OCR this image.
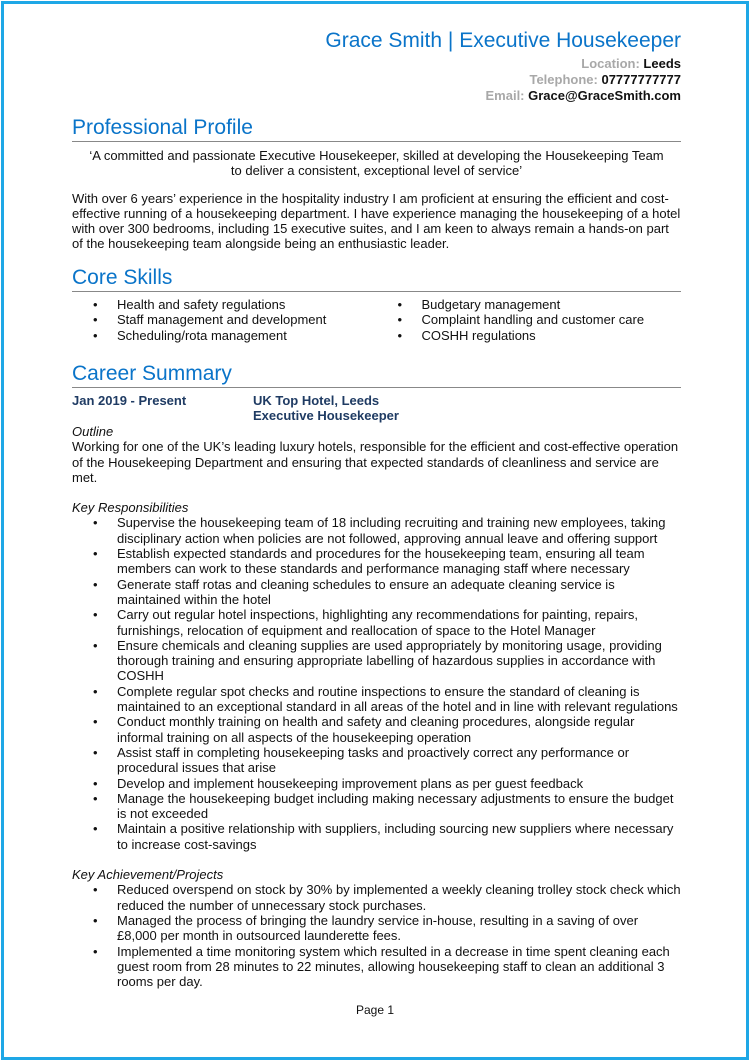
Grace Smith | Executive Housekeeper
Location: Leeds
Telephone: 07777777777
Email: Grace@GraceSmith.com
Professional Profile
‘A committed and passionate Executive Housekeeper, skilled at developing the Housekeeping Team to deliver a consistent, exceptional level of service’
With over 6 years’ experience in the hospitality industry I am proficient at ensuring the efficient and cost-effective running of a housekeeping department. I have experience managing the housekeeping of a hotel with over 300 bedrooms, including 15 executive suites, and I am keen to always remain a hands-on part of the housekeeping team alongside being an enthusiastic leader.
Core Skills
• Health and safety regulations
• Staff management and development
• Scheduling/rota management
• Budgetary management
• Complaint handling and customer care
• COSHH regulations
Career Summary
Jan 2019 - Present	UK Top Hotel, Leeds
Executive Housekeeper
Outline
Working for one of the UK’s leading luxury hotels, responsible for the efficient and cost-effective operation of the Housekeeping Department and ensuring that expected standards of cleanliness and service are met.
Key Responsibilities
• Supervise the housekeeping team of 18 including recruiting and training new employees, taking disciplinary action when policies are not followed, approving annual leave and offering support
• Establish expected standards and procedures for the housekeeping team, ensuring all team members can work to these standards and performance managing staff where necessary
• Generate staff rotas and cleaning schedules to ensure an adequate cleaning service is maintained within the hotel
• Carry out regular hotel inspections, highlighting any recommendations for painting, repairs, furnishings, relocation of equipment and reallocation of space to the Hotel Manager
• Ensure chemicals and cleaning supplies are used appropriately by monitoring usage, providing thorough training and ensuring appropriate labelling of hazardous supplies in accordance with COSHH
• Complete regular spot checks and routine inspections to ensure the standard of cleaning is maintained to an exceptional standard in all areas of the hotel and in line with relevant regulations
• Conduct monthly training on health and safety and cleaning procedures, alongside regular informal training on all aspects of the housekeeping operation
• Assist staff in completing housekeeping tasks and proactively correct any performance or procedural issues that arise
• Develop and implement housekeeping improvement plans as per guest feedback
• Manage the housekeeping budget including making necessary adjustments to ensure the budget is not exceeded
• Maintain a positive relationship with suppliers, including sourcing new suppliers where necessary to increase cost-savings
Key Achievement/Projects
• Reduced overspend on stock by 30% by implemented a weekly cleaning trolley stock check which reduced the number of unnecessary stock purchases.
• Managed the process of bringing the laundry service in-house, resulting in a saving of over £8,000 per month in outsourced launderette fees.
• Implemented a time monitoring system which resulted in a decrease in time spent cleaning each guest room from 28 minutes to 22 minutes, allowing housekeeping staff to clean an additional 3 rooms per day.
Page 1
